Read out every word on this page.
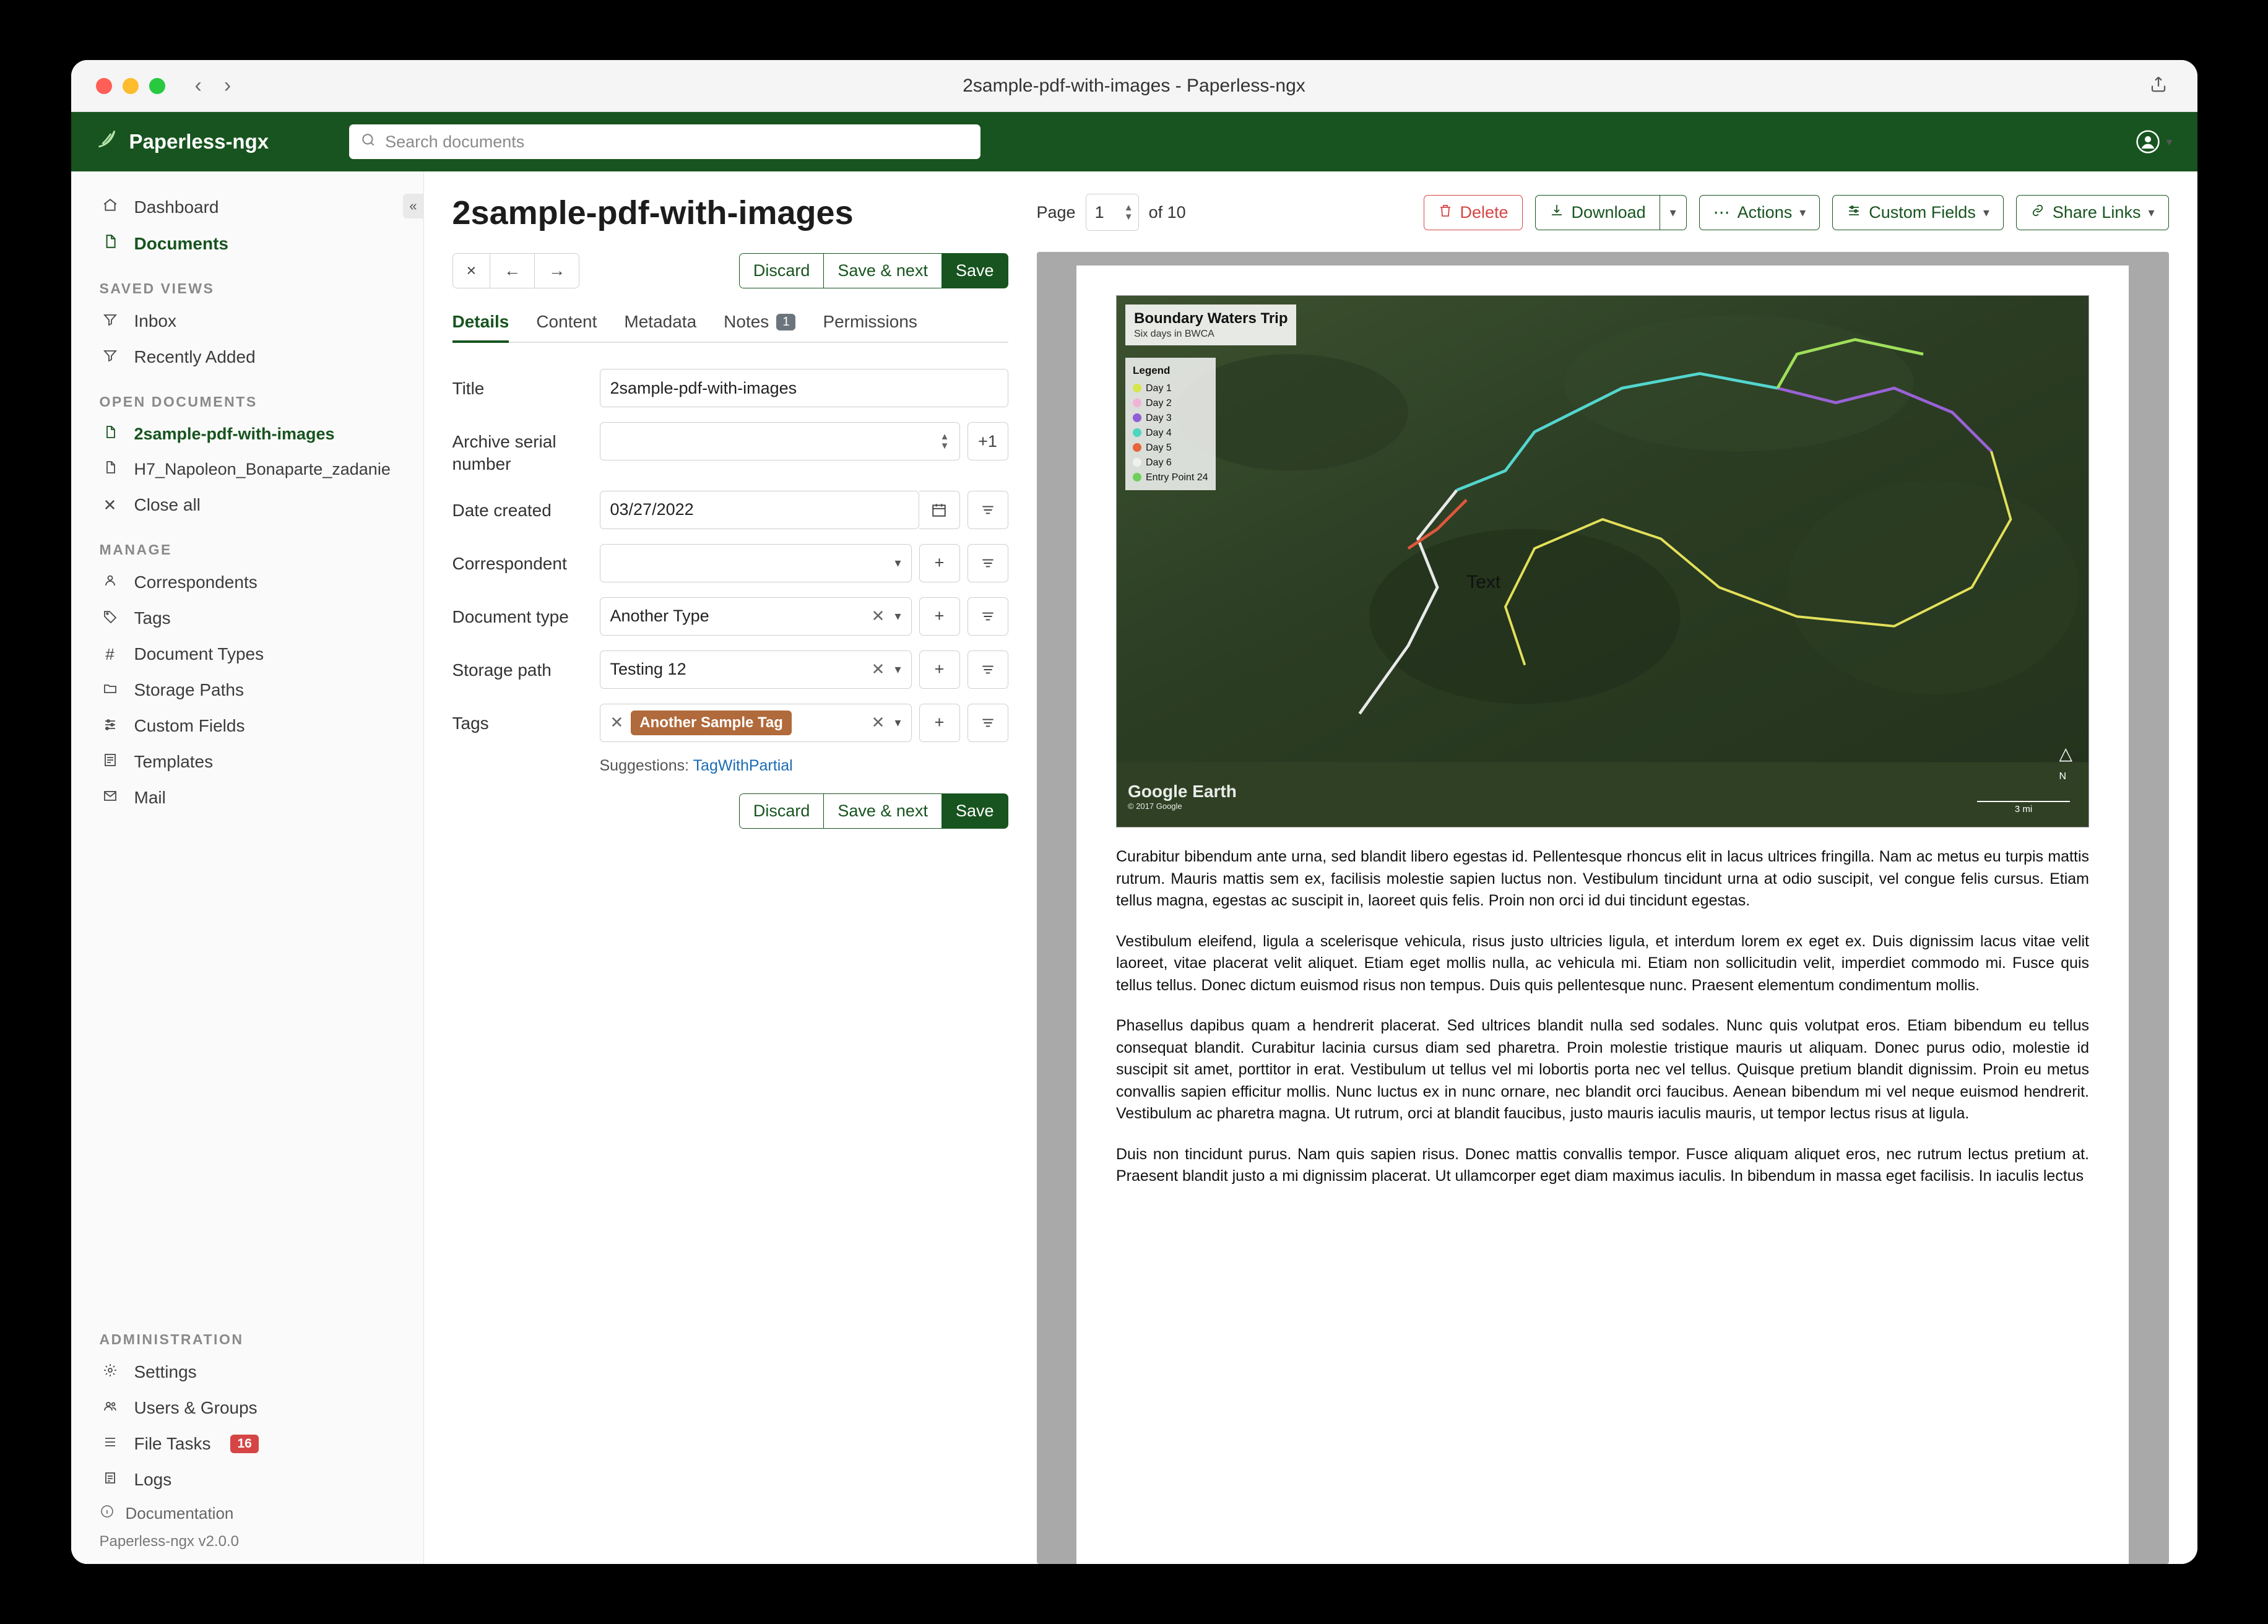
‹ ›	2sample-pdf-with-images - Paperless-ngx
Paperless-ngx	Search documents	▾
«
Dashboard
Documents
SAVED VIEWS
Inbox
Recently Added
OPEN DOCUMENTS
2sample-pdf-with-images
H7_Napoleon_Bonaparte_zadanie
✕ Close all
MANAGE
Correspondents
Tags
#	Document Types
Storage Paths
Custom Fields
Templates
Mail
ADMINISTRATION
Settings
Users & Groups
File Tasks	16
Logs
Documentation
Paperless-ngx v2.0.0
2sample-pdf-with-images
×	←	→	Discard	Save & next	Save
Details Content Metadata Notes	1	Permissions
Title	2sample-pdf-with-images
Archive serial number
▲
▼	+1
Date created	03/27/2022
Correspondent	▾	+
Document type	Another Type	✕ ▾	+
Storage path	Testing 12	✕ ▾	+
Tags	✕	Another Sample Tag	✕ ▾	+
Suggestions: TagWithPartial
Discard	Save & next	Save
Page 1 ▲
▼ of 10	Delete	Download ▾ ⋯ Actions ▾	Custom Fields ▾	Share Links ▾
Boundary Waters Trip
Six days in BWCA
Legend
Day 1
Day 2
Day 3
Day 4
Day 5
Day 6
Entry Point 24
Text
Google Earth
© 2017 Google
△
N
3 mi

Curabitur bibendum ante urna, sed blandit libero egestas id. Pellentesque rhoncus elit in lacus ultrices fringilla. Nam ac metus eu turpis mattis rutrum. Mauris mattis sem ex, facilisis molestie sapien luctus non. Vestibulum tincidunt urna at odio suscipit, vel congue felis cursus. Etiam tellus magna, egestas ac suscipit in, laoreet quis felis. Proin non orci id dui tincidunt egestas.

Vestibulum eleifend, ligula a scelerisque vehicula, risus justo ultricies ligula, et interdum lorem ex eget ex. Duis dignissim lacus vitae velit laoreet, vitae placerat velit aliquet. Etiam eget mollis nulla, ac vehicula mi. Etiam non sollicitudin velit, imperdiet commodo mi. Fusce quis tellus tellus. Donec dictum euismod risus non tempus. Duis quis pellentesque nunc. Praesent elementum condimentum mollis.

Phasellus dapibus quam a hendrerit placerat. Sed ultrices blandit nulla sed sodales. Nunc quis volutpat eros. Etiam bibendum eu tellus consequat blandit. Curabitur lacinia cursus diam sed pharetra. Proin molestie tristique mauris ut aliquam. Donec purus odio, molestie id suscipit sit amet, porttitor in erat. Vestibulum ut tellus vel mi lobortis porta nec vel tellus. Quisque pretium blandit dignissim. Proin eu metus convallis sapien efficitur mollis. Nunc luctus ex in nunc ornare, nec blandit orci faucibus. Aenean bibendum mi vel neque euismod hendrerit. Vestibulum ac pharetra magna. Ut rutrum, orci at blandit faucibus, justo mauris iaculis mauris, ut tempor lectus risus at ligula.

Duis non tincidunt purus. Nam quis sapien risus. Donec mattis convallis tempor. Fusce aliquam aliquet eros, nec rutrum lectus pretium at. Praesent blandit justo a mi dignissim placerat. Ut ullamcorper eget diam maximus iaculis. In bibendum in massa eget facilisis. In iaculis lectus
